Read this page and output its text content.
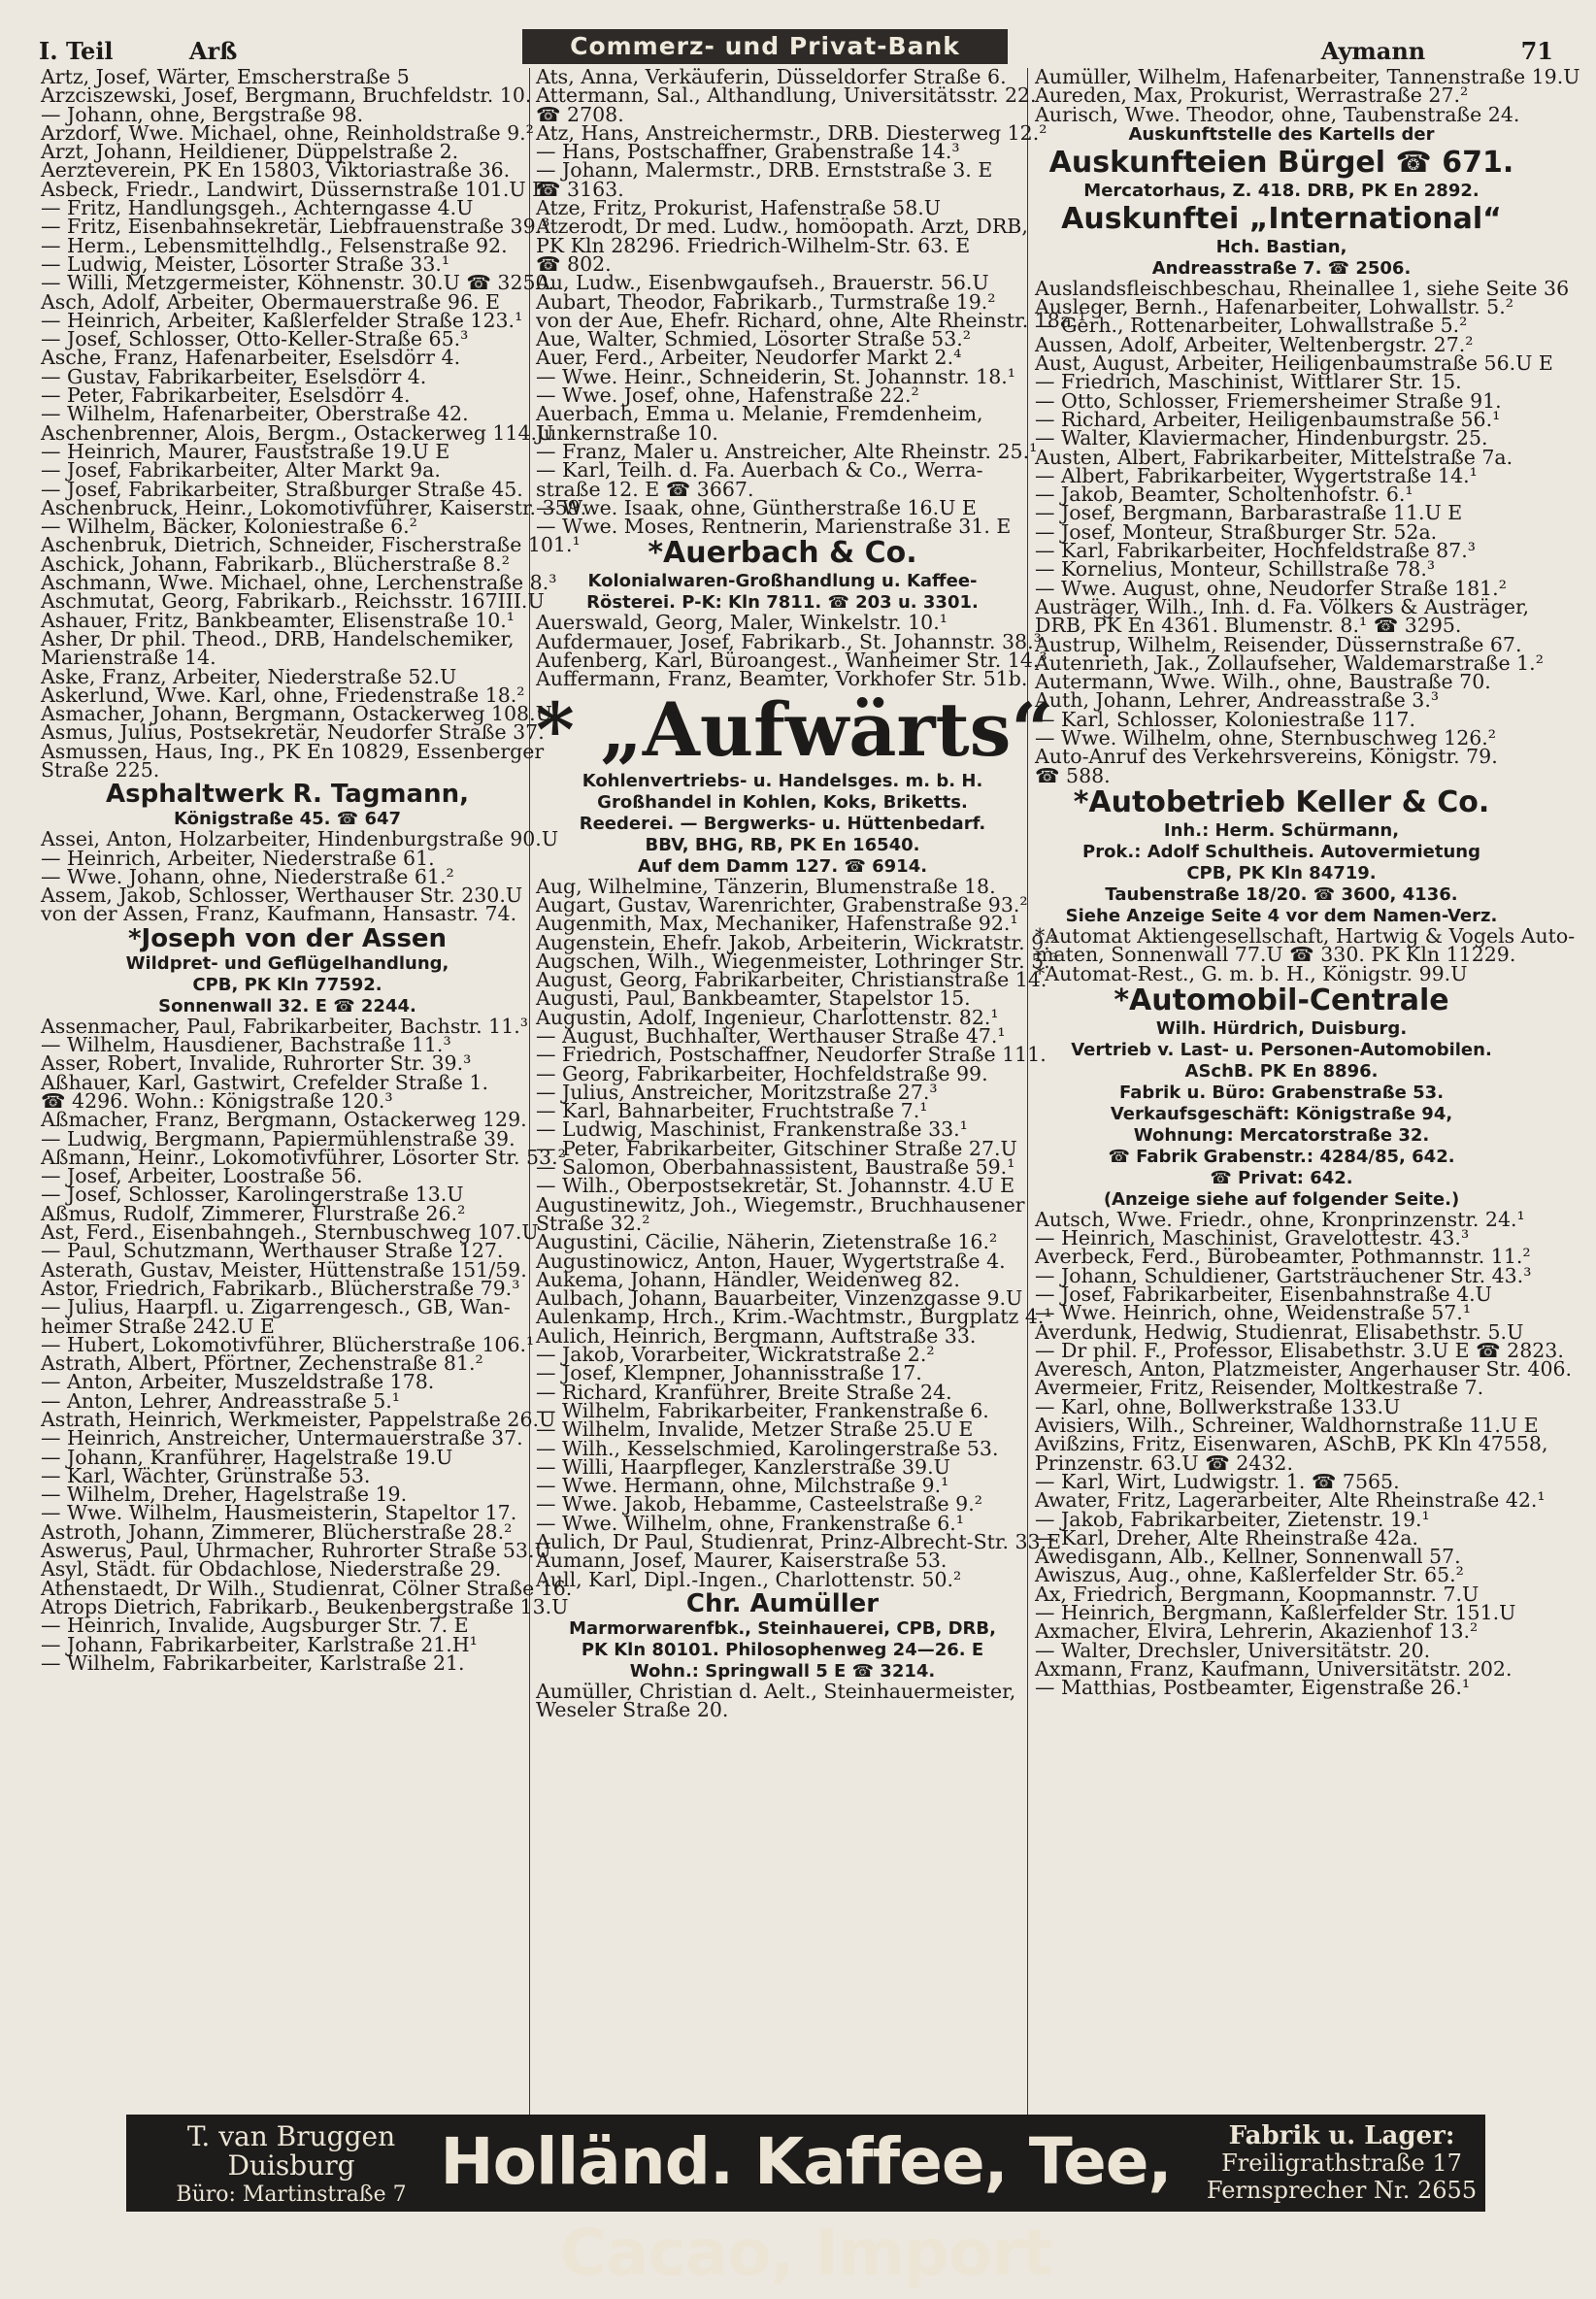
I. Teil	Arß	Commerz- und Privat-Bank	Aymann	71
Artz, Josef, Wärter, Emscherstraße 5
Arzciszewski, Josef, Bergmann, Bruchfeldstr. 10.
— Johann, ohne, Bergstraße 98.
Arzdorf, Wwe. Michael, ohne, Reinholdstraße 9.²
Arzt, Johann, Heildiener, Düppelstraße 2.
Aerzteverein, PK En 15803, Viktoriastraße 36.
Asbeck, Friedr., Landwirt, Düssernstraße 101.U E
— Fritz, Handlungsgeh., Achterngasse 4.U
— Fritz, Eisenbahnsekretär, Liebfrauenstraße 39.³
— Herm., Lebensmittelhdlg., Felsenstraße 92.
— Ludwig, Meister, Lösorter Straße 33.¹
— Willi, Metzgermeister, Köhnenstr. 30.U ☎ 3250.
Asch, Adolf, Arbeiter, Obermauerstraße 96. E
— Heinrich, Arbeiter, Kaßlerfelder Straße 123.¹
— Josef, Schlosser, Otto-Keller-Straße 65.³
Asche, Franz, Hafenarbeiter, Eselsdörr 4.
— Gustav, Fabrikarbeiter, Eselsdörr 4.
— Peter, Fabrikarbeiter, Eselsdörr 4.
— Wilhelm, Hafenarbeiter, Oberstraße 42.
Aschenbrenner, Alois, Bergm., Ostackerweg 114.U
— Heinrich, Maurer, Fauststraße 19.U E
— Josef, Fabrikarbeiter, Alter Markt 9a.
— Josef, Fabrikarbeiter, Straßburger Straße 45.
Aschenbruck, Heinr., Lokomotivführer, Kaiserstr. 359.
— Wilhelm, Bäcker, Koloniestraße 6.²
Aschenbruk, Dietrich, Schneider, Fischerstraße 101.¹
Aschick, Johann, Fabrikarb., Blücherstraße 8.²
Aschmann, Wwe. Michael, ohne, Lerchenstraße 8.³
Aschmutat, Georg, Fabrikarb., Reichsstr. 167III.U
Ashauer, Fritz, Bankbeamter, Elisenstraße 10.¹
Asher, Dr phil. Theod., DRB, Handelschemiker,
Marienstraße 14.
Aske, Franz, Arbeiter, Niederstraße 52.U
Askerlund, Wwe. Karl, ohne, Friedenstraße 18.²
Asmacher, Johann, Bergmann, Ostackerweg 108.U
Asmus, Julius, Postsekretär, Neudorfer Straße 37.
Asmussen, Haus, Ing., PK En 10829, Essenberger
Straße 225.
Asphaltwerk R. Tagmann,
Königstraße 45. ☎ 647
Assei, Anton, Holzarbeiter, Hindenburgstraße 90.U
— Heinrich, Arbeiter, Niederstraße 61.
— Wwe. Johann, ohne, Niederstraße 61.²
Assem, Jakob, Schlosser, Werthauser Str. 230.U
von der Assen, Franz, Kaufmann, Hansastr. 74.
*Joseph von der Assen
Wildpret- und Geflügelhandlung,
CPB, PK Kln 77592.
Sonnenwall 32. E ☎ 2244.
Assenmacher, Paul, Fabrikarbeiter, Bachstr. 11.³
— Wilhelm, Hausdiener, Bachstraße 11.³
Asser, Robert, Invalide, Ruhrorter Str. 39.³
Aßhauer, Karl, Gastwirt, Crefelder Straße 1.
☎ 4296. Wohn.: Königstraße 120.³
Aßmacher, Franz, Bergmann, Ostackerweg 129.
— Ludwig, Bergmann, Papiermühlenstraße 39.
Aßmann, Heinr., Lokomotivführer, Lösorter Str. 53.²
— Josef, Arbeiter, Loostraße 56.
— Josef, Schlosser, Karolingerstraße 13.U
Aßmus, Rudolf, Zimmerer, Flurstraße 26.²
Ast, Ferd., Eisenbahngeh., Sternbuschweg 107.U
— Paul, Schutzmann, Werthauser Straße 127.
Asterath, Gustav, Meister, Hüttenstraße 151/59.
Astor, Friedrich, Fabrikarb., Blücherstraße 79.³
— Julius, Haarpfl. u. Zigarrengesch., GB, Wan-
heimer Straße 242.U E
— Hubert, Lokomotivführer, Blücherstraße 106.¹
Astrath, Albert, Pförtner, Zechenstraße 81.²
— Anton, Arbeiter, Muszeldstraße 178.
— Anton, Lehrer, Andreasstraße 5.¹
Astrath, Heinrich, Werkmeister, Pappelstraße 26.U
— Heinrich, Anstreicher, Untermauerstraße 37.
— Johann, Kranführer, Hagelstraße 19.U
— Karl, Wächter, Grünstraße 53.
— Wilhelm, Dreher, Hagelstraße 19.
— Wwe. Wilhelm, Hausmeisterin, Stapeltor 17.
Astroth, Johann, Zimmerer, Blücherstraße 28.²
Aswerus, Paul, Uhrmacher, Ruhrorter Straße 53.U
Asyl, Städt. für Obdachlose, Niederstraße 29.
Athenstaedt, Dr Wilh., Studienrat, Cölner Straße 16.
Atrops Dietrich, Fabrikarb., Beukenbergstraße 13.U
— Heinrich, Invalide, Augsburger Str. 7. E
— Johann, Fabrikarbeiter, Karlstraße 21.H¹
— Wilhelm, Fabrikarbeiter, Karlstraße 21.
Ats, Anna, Verkäuferin, Düsseldorfer Straße 6.
Attermann, Sal., Althandlung, Universitätsstr. 22.
☎ 2708.
Atz, Hans, Anstreichermstr., DRB. Diesterweg 12.²
— Hans, Postschaffner, Grabenstraße 14.³
— Johann, Malermstr., DRB. Ernststraße 3. E
☎ 3163.
Atze, Fritz, Prokurist, Hafenstraße 58.U
Atzerodt, Dr med. Ludw., homöopath. Arzt, DRB,
PK Kln 28296. Friedrich-Wilhelm-Str. 63. E
☎ 802.
Au, Ludw., Eisenbwgaufseh., Brauerstr. 56.U
Aubart, Theodor, Fabrikarb., Turmstraße 19.²
von der Aue, Ehefr. Richard, ohne, Alte Rheinstr. 18a.¹
Aue, Walter, Schmied, Lösorter Straße 53.²
Auer, Ferd., Arbeiter, Neudorfer Markt 2.⁴
— Wwe. Heinr., Schneiderin, St. Johannstr. 18.¹
— Wwe. Josef, ohne, Hafenstraße 22.²
Auerbach, Emma u. Melanie, Fremdenheim,
Junkernstraße 10.
— Franz, Maler u. Anstreicher, Alte Rheinstr. 25.¹
— Karl, Teilh. d. Fa. Auerbach & Co., Werra-
straße 12. E ☎ 3667.
— Wwe. Isaak, ohne, Güntherstraße 16.U E
— Wwe. Moses, Rentnerin, Marienstraße 31. E
*Auerbach & Co.
Kolonialwaren-Großhandlung u. Kaffee-
Rösterei. P-K: Kln 7811. ☎ 203 u. 3301.
Auerswald, Georg, Maler, Winkelstr. 10.¹
Aufdermauer, Josef, Fabrikarb., St. Johannstr. 38.³
Aufenberg, Karl, Büroangest., Wanheimer Str. 14.³
Auffermann, Franz, Beamter, Vorkhofer Str. 51b.
* „Aufwärts“
Kohlenvertriebs- u. Handelsges. m. b. H.
Großhandel in Kohlen, Koks, Briketts.
Reederei. — Bergwerks- u. Hüttenbedarf.
BBV, BHG, RB, PK En 16540.
Auf dem Damm 127. ☎ 6914.
Aug, Wilhelmine, Tänzerin, Blumenstraße 18.
Augart, Gustav, Warenrichter, Grabenstraße 93.²
Augenmith, Max, Mechaniker, Hafenstraße 92.¹
Augenstein, Ehefr. Jakob, Arbeiterin, Wickratstr. 9.²
Augschen, Wilh., Wiegenmeister, Lothringer Str. 5.³
August, Georg, Fabrikarbeiter, Christianstraße 14.
Augusti, Paul, Bankbeamter, Stapelstor 15.
Augustin, Adolf, Ingenieur, Charlottenstr. 82.¹
— August, Buchhalter, Werthauser Straße 47.¹
— Friedrich, Postschaffner, Neudorfer Straße 111.
— Georg, Fabrikarbeiter, Hochfeldstraße 99.
— Julius, Anstreicher, Moritzstraße 27.³
— Karl, Bahnarbeiter, Fruchtstraße 7.¹
— Ludwig, Maschinist, Frankenstraße 33.¹
— Peter, Fabrikarbeiter, Gitschiner Straße 27.U
— Salomon, Oberbahnassistent, Baustraße 59.¹
— Wilh., Oberpostsekretär, St. Johannstr. 4.U E
Augustinewitz, Joh., Wiegemstr., Bruchhausener
Straße 32.²
Augustini, Cäcilie, Näherin, Zietenstraße 16.²
Augustinowicz, Anton, Hauer, Wygertstraße 4.
Aukema, Johann, Händler, Weidenweg 82.
Aulbach, Johann, Bauarbeiter, Vinzenzgasse 9.U
Aulenkamp, Hrch., Krim.-Wachtmstr., Burgplatz 4.¹
Aulich, Heinrich, Bergmann, Auftstraße 33.
— Jakob, Vorarbeiter, Wickratstraße 2.²
— Josef, Klempner, Johannisstraße 17.
— Richard, Kranführer, Breite Straße 24.
— Wilhelm, Fabrikarbeiter, Frankenstraße 6.
— Wilhelm, Invalide, Metzer Straße 25.U E
— Wilh., Kesselschmied, Karolingerstraße 53.
— Willi, Haarpfleger, Kanzlerstraße 39.U
— Wwe. Hermann, ohne, Milchstraße 9.¹
— Wwe. Jakob, Hebamme, Casteelstraße 9.²
— Wwe. Wilhelm, ohne, Frankenstraße 6.¹
Aulich, Dr Paul, Studienrat, Prinz-Albrecht-Str. 33.E
Aumann, Josef, Maurer, Kaiserstraße 53.
Aull, Karl, Dipl.-Ingen., Charlottenstr. 50.²
Chr. Aumüller
Marmorwarenfbk., Steinhauerei, CPB, DRB,
PK Kln 80101. Philosophenweg 24—26. E
Wohn.: Springwall 5 E ☎ 3214.
Aumüller, Christian d. Aelt., Steinhauermeister,
Weseler Straße 20.
Aumüller, Wilhelm, Hafenarbeiter, Tannenstraße 19.U
Aureden, Max, Prokurist, Werrastraße 27.²
Aurisch, Wwe. Theodor, ohne, Taubenstraße 24.
Auskunftstelle des Kartells der
Auskunfteien Bürgel ☎ 671.
Mercatorhaus, Z. 418. DRB, PK En 2892.
Auskunftei „International“
Hch. Bastian,
Andreasstraße 7. ☎ 2506.
Auslandsfleischbeschau, Rheinallee 1, siehe Seite 36
Ausleger, Bernh., Hafenarbeiter, Lohwallstr. 5.²
— Gerh., Rottenarbeiter, Lohwallstraße 5.²
Aussen, Adolf, Arbeiter, Weltenbergstr. 27.²
Aust, August, Arbeiter, Heiligenbaumstraße 56.U E
— Friedrich, Maschinist, Wittlarer Str. 15.
— Otto, Schlosser, Friemersheimer Straße 91.
— Richard, Arbeiter, Heiligenbaumstraße 56.¹
— Walter, Klaviermacher, Hindenburgstr. 25.
Austen, Albert, Fabrikarbeiter, Mittelstraße 7a.
— Albert, Fabrikarbeiter, Wygertstraße 14.¹
— Jakob, Beamter, Scholtenhofstr. 6.¹
— Josef, Bergmann, Barbarastraße 11.U E
— Josef, Monteur, Straßburger Str. 52a.
— Karl, Fabrikarbeiter, Hochfeldstraße 87.³
— Kornelius, Monteur, Schillstraße 78.³
— Wwe. August, ohne, Neudorfer Straße 181.²
Austräger, Wilh., Inh. d. Fa. Völkers & Austräger,
DRB, PK En 4361. Blumenstr. 8.¹ ☎ 3295.
Austrup, Wilhelm, Reisender, Düssernstraße 67.
Autenrieth, Jak., Zollaufseher, Waldemarstraße 1.²
Autermann, Wwe. Wilh., ohne, Baustraße 70.
Auth, Johann, Lehrer, Andreasstraße 3.³
— Karl, Schlosser, Koloniestraße 117.
— Wwe. Wilhelm, ohne, Sternbuschweg 126.²
Auto-Anruf des Verkehrsvereins, Königstr. 79.
☎ 588.
*Autobetrieb Keller & Co.
Inh.: Herm. Schürmann,
Prok.: Adolf Schultheis. Autovermietung
CPB, PK Kln 84719.
Taubenstraße 18/20. ☎ 3600, 4136.
Siehe Anzeige Seite 4 vor dem Namen-Verz.
*Automat Aktiengesellschaft, Hartwig & Vogels Auto-
maten, Sonnenwall 77.U ☎ 330. PK Kln 11229.
*Automat-Rest., G. m. b. H., Königstr. 99.U
*Automobil-Centrale
Wilh. Hürdrich, Duisburg.
Vertrieb v. Last- u. Personen-Automobilen.
ASchB. PK En 8896.
Fabrik u. Büro: Grabenstraße 53.
Verkaufsgeschäft: Königstraße 94,
Wohnung: Mercatorstraße 32.
☎ Fabrik Grabenstr.: 4284/85, 642.
☎ Privat: 642.
(Anzeige siehe auf folgender Seite.)
Autsch, Wwe. Friedr., ohne, Kronprinzenstr. 24.¹
— Heinrich, Maschinist, Gravelottestr. 43.³
Averbeck, Ferd., Bürobeamter, Pothmannstr. 11.²
— Johann, Schuldiener, Gartsträuchener Str. 43.³
— Josef, Fabrikarbeiter, Eisenbahnstraße 4.U
— Wwe. Heinrich, ohne, Weidenstraße 57.¹
Averdunk, Hedwig, Studienrat, Elisabethstr. 5.U
— Dr phil. F., Professor, Elisabethstr. 3.U E ☎ 2823.
Averesch, Anton, Platzmeister, Angerhauser Str. 406.
Avermeier, Fritz, Reisender, Moltkestraße 7.
— Karl, ohne, Bollwerkstraße 133.U
Avisiers, Wilh., Schreiner, Waldhornstraße 11.U E
Avißzins, Fritz, Eisenwaren, ASchB, PK Kln 47558,
Prinzenstr. 63.U ☎ 2432.
— Karl, Wirt, Ludwigstr. 1. ☎ 7565.
Awater, Fritz, Lagerarbeiter, Alte Rheinstraße 42.¹
— Jakob, Fabrikarbeiter, Zietenstr. 19.¹
— Karl, Dreher, Alte Rheinstraße 42a.
Awedisgann, Alb., Kellner, Sonnenwall 57.
Awiszus, Aug., ohne, Kaßlerfelder Str. 65.²
Ax, Friedrich, Bergmann, Koopmannstr. 7.U
— Heinrich, Bergmann, Kaßlerfelder Str. 151.U
Axmacher, Elvira, Lehrerin, Akazienhof 13.²
— Walter, Drechsler, Universitätstr. 20.
Axmann, Franz, Kaufmann, Universitätstr. 202.
— Matthias, Postbeamter, Eigenstraße 26.¹
T. van Bruggen
Duisburg
Büro: Martinstraße 7 Holländ. Kaffee, Tee, Cacao, Import
Fabrik u. Lager:
Freiligrathstraße 17
Fernsprecher Nr. 2655
